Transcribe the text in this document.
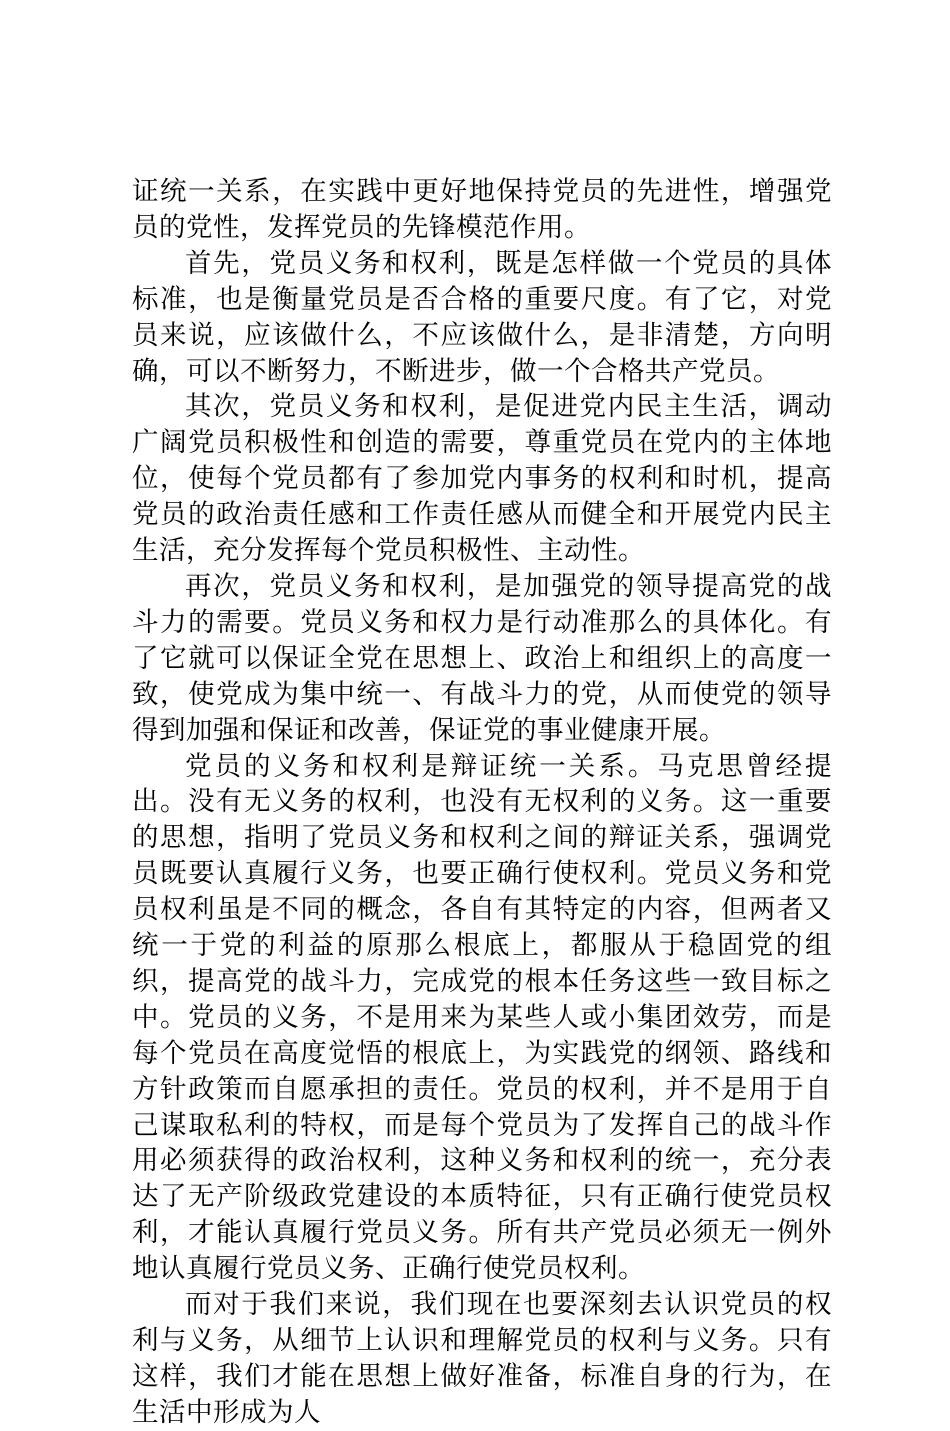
证统一关系，在实践中更好地保持党员的先进性，增强党员的党性，发挥党员的先锋模范作用。

首先，党员义务和权利，既是怎样做一个党员的具体标准，也是衡量党员是否合格的重要尺度。有了它，对党员来说，应该做什么，不应该做什么，是非清楚，方向明确，可以不断努力，不断进步，做一个合格共产党员。

其次，党员义务和权利，是促进党内民主生活，调动广阔党员积极性和创造的需要，尊重党员在党内的主体地位，使每个党员都有了参加党内事务的权利和时机，提高党员的政治责任感和工作责任感从而健全和开展党内民主生活，充分发挥每个党员积极性、主动性。

再次，党员义务和权利，是加强党的领导提高党的战斗力的需要。党员义务和权力是行动准那么的具体化。有了它就可以保证全党在思想上、政治上和组织上的高度一致，使党成为集中统一、有战斗力的党，从而使党的领导得到加强和保证和改善，保证党的事业健康开展。

党员的义务和权利是辩证统一关系。马克思曾经提出。没有无义务的权利，也没有无权利的义务。这一重要的思想，指明了党员义务和权利之间的辩证关系，强调党员既要认真履行义务，也要正确行使权利。党员义务和党员权利虽是不同的概念，各自有其特定的内容，但两者又统一于党的利益的原那么根底上，都服从于稳固党的组织，提高党的战斗力，完成党的根本任务这些一致目标之中。党员的义务，不是用来为某些人或小集团效劳，而是每个党员在高度觉悟的根底上，为实践党的纲领、路线和方针政策而自愿承担的责任。党员的权利，并不是用于自己谋取私利的特权，而是每个党员为了发挥自己的战斗作用必须获得的政治权利，这种义务和权利的统一，充分表达了无产阶级政党建设的本质特征，只有正确行使党员权利，才能认真履行党员义务。所有共产党员必须无一例外地认真履行党员义务、正确行使党员权利。

而对于我们来说，我们现在也要深刻去认识党员的权利与义务，从细节上认识和理解党员的权利与义务。只有这样，我们才能在思想上做好准备，标准自身的行为，在生活中形成为人
